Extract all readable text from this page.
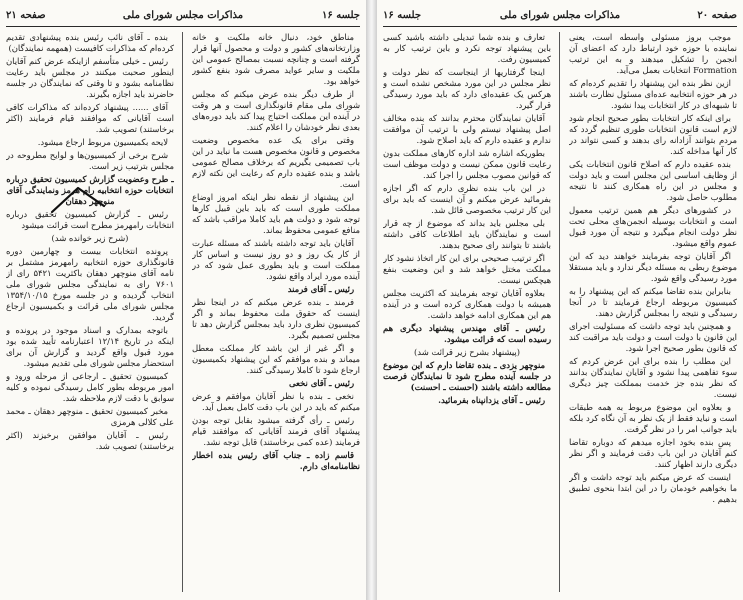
جلسه ۱۶
مذاکرات مجلس شورای ملی
صفحه ۲۱

مناطق خود، دنبال خانه ملکیت و خانه وزارتخانه‌های کشور و دولت و محصول آنها قرار گرفته است و چنانچه نسبت بمصالح عمومی این ملکیت و سایر عواید مصرف شود بنفع کشور خواهد بود.

از طرف دیگر بنده عرض میکنم که مجلس شورای ملی مقام قانونگذاری است و هر وقت در آینده این مملکت احتیاج پیدا کند باید دوره‌های بعدی نظر خودشان را اعلام کنند.

وقتی برای یک عده مخصوص وضعیت مخصوص و قانون مخصوص هست ما نباید در این باب تصمیمی بگیریم که برخلاف مصالح عمومی باشد و بنده عقیده دارم که رعایت این نکته لازم است.

این پیشنهاد از نقطه نظر اینکه امروز اوضاع مملکت طوری است که باید باین قبیل کارها توجه شود و دولت هم باید کاملا مراقب باشد که منافع عمومی محفوظ بماند.

آقایان باید توجه داشته باشند که مسئله عبارت از کار یک روز و دو روز نیست و اساس کار مملکت است و باید بطوری عمل شود که در آینده مورد ایراد واقع نشود.

رئیس ـ آقای فرمند

فرمند ـ بنده عرض میکنم که در اینجا نظر اینست که حقوق ملت محفوظ بماند و اگر کمیسیون نظری دارد باید بمجلس گزارش دهد تا مجلس تصمیم بگیرد.

و اگر غیر از این باشد کار مملکت معطل میماند و بنده موافقم که این پیشنهاد بکمیسیون ارجاع شود تا کاملا رسیدگی کنند.

رئیس ـ آقای نخعی

نخعی ـ بنده با نظر آقایان موافقم و عرض میکنم که باید در این باب دقت کامل بعمل آید.

رئیس ـ رأی گرفته میشود بقابل توجه بودن پیشنهاد آقای فرمند آقایانی که موافقند قیام فرمایند (عده کمی برخاستند) قابل توجه نشد.

قاسم زاده ـ جناب آقای رئیس بنده اخطار نظامنامه‌ای دارم.

بنده ـ آقای نائب رئیس بنده پیشنهادی تقدیم کرده‌ام که مذاکرات کافیست (همهمه نمایندگان)

رئیس ـ خیلی متأسفم ازاینکه عرض کنم آقایان اینطور صحبت میکنند در مجلس باید رعایت نظامنامه بشود و تا وقتی که نمایندگان در جلسه حاضرند باید اجازه بگیرند.

آقای ...... پیشنهاد کرده‌اند که مذاکرات کافی است آقایانی که موافقند قیام فرمایند (اکثر برخاستند) تصویب شد.

لایحه بکمیسیون مربوط ارجاع میشود.

شرح برخی از کمیسیون‌ها و لوایح مطروحه در مجلس بترتیب زیر است.

ـ طرح وعضویت گزارش کمیسیون تحقیق درباره انتخابات حوزه انتخابیه رام هرمز ونمایندگی آقای منوچهر دهقان

رئیس ـ گزارش کمیسیون تحقیق درباره انتخابات رامهرمز مطرح است قرائت میشود

(شرح زیر خوانده شد)

پرونده انتخابات بیست و چهارمین دوره قانونگذاری حوزه انتخابیه رامهرمز مشتمل بر نامه آقای منوچهر دهقان باکثریت ۵۴۲۱ رای از ۷۶۰۱ رای به نمایندگی مجلس شورای ملی انتخاب گردیده و در جلسه مورخ ۱۳۵۴/۱۰/۱۵ مجلس شورای ملی قرائت و بکمیسیون ارجاع گردید.

باتوجه بمدارک و اسناد موجود در پرونده و اینکه در تاریخ ۱۲/۱۴ اعتبارنامه تأیید شده بود مورد قبول واقع گردید و گزارش آن برای استحضار مجلس شورای ملی تقدیم میشود.

کمیسیون تحقیق ـ ارجاعی از مرحله ورود و امور مربوطه بطور کامل رسیدگی نموده و کلیه سوابق با دقت لازم ملاحظه شد.

مخبر کمیسیون تحقیق ـ منوچهر دهقان ـ محمد علی کلالی هرمزی

رئیس ـ آقایان موافقین برخیزند (اکثر برخاستند) تصویب شد.

صفحه ۲۰
مذاکرات مجلس شورای ملی
جلسه ۱۶

موجب بروز مسئولی واسطه است، یعنی نماینده با حوزه خود ارتباط دارد که اعضای آن انجمن را تشکیل میدهند و به این ترتیب Formation انتخابات بعمل می‌آید.

ازین نظر بنده این پیشنهاد را تقدیم کرده‌ام که در هر حوزه انتخابیه عده‌ای مسئول نظارت باشند تا شبهه‌ای در کار انتخابات پیدا نشود.

برای اینکه کار انتخابات بطور صحیح انجام شود لازم است قانون انتخابات طوری تنظیم گردد که مردم بتوانند آزادانه رای بدهند و کسی نتواند در کار آنها مداخله کند.

بنده عقیده دارم که اصلاح قانون انتخابات یکی از وظایف اساسی این مجلس است و باید دولت و مجلس در این راه همکاری کنند تا نتیجه مطلوب حاصل شود.

در کشورهای دیگر هم همین ترتیب معمول است و انتخابات بوسیله انجمن‌های محلی تحت نظر دولت انجام میگیرد و نتیجه آن مورد قبول عموم واقع میشود.

اگر آقایان توجه بفرمایند خواهند دید که این موضوع ربطی به مسئله دیگر ندارد و باید مستقلا مورد رسیدگی واقع شود.

بنابراین بنده تقاضا میکنم که این پیشنهاد را به کمیسیون مربوطه ارجاع فرمایند تا در آنجا رسیدگی و نتیجه را بمجلس گزارش دهند.

و همچنین باید توجه داشت که مسئولیت اجرای این قانون با دولت است و دولت باید مراقبت کند که قانون بطور صحیح اجرا شود.

این مطلب را بنده برای این عرض کردم که سوء تفاهمی پیدا نشود و آقایان نمایندگان بدانند که نظر بنده جز خدمت بمملکت چیز دیگری نیست.

و بعلاوه این موضوع مربوط به همه طبقات است و نباید فقط از یک نظر به آن نگاه کرد بلکه باید جوانب امر را در نظر گرفت.

پس بنده بخود اجازه میدهم که دوباره تقاضا کنم آقایان در این باب دقت فرمایند و اگر نظر دیگری دارند اظهار کنند.

اینست که عرض میکنم باید توجه داشت و اگر ما بخواهیم خودمان را در این ابتدا بنحوی تطبیق بدهیم .

تعارف و بنده شما تبدیلی داشته باشید کسی باین پیشنهاد توجه نکرد و باین ترتیب کار به کمیسیون رفت.

اینجا گرفتاریها از اینجاست که نظر دولت و نظر مجلس در این مورد مشخص نشده است و هرکس یک عقیده‌ای دارد که باید مورد رسیدگی قرار گیرد.

آقایان نمایندگان محترم بدانند که بنده مخالف اصل پیشنهاد نیستم ولی با ترتیب آن موافقت ندارم و عقیده دارم که باید اصلاح شود.

بطوریکه اشاره شد اداره کارهای مملکت بدون رعایت قانون ممکن نیست و دولت موظف است که قوانین مصوب مجلس را اجرا کند.

در این باب بنده نظری دارم که اگر اجازه بفرمائید عرض میکنم و آن اینست که باید برای این کار ترتیب مخصوصی قائل شد.

بلی مجلس باید بداند که موضوع از چه قرار است و نمایندگان باید اطلاعات کافی داشته باشند تا بتوانند رای صحیح بدهند.

اگر ترتیب صحیحی برای این کار اتخاذ نشود کار مملکت مختل خواهد شد و این وضعیت بنفع هیچکس نیست.

بعلاوه آقایان توجه بفرمایند که اکثریت مجلس همیشه با دولت همکاری کرده است و در آینده هم این همکاری ادامه خواهد داشت.

رئیس ـ آقای مهندس پیشنهاد دیگری هم رسیده است که قرائت میشود.

(پیشنهاد بشرح زیر قرائت شد)

منوچهر یزدی ـ بنده تقاضا دارم که این موضوع در جلسه آینده مطرح شود تا نمایندگان فرصت مطالعه داشته باشند (احسنت ـ احسنت)

رئیس ـ آقای یزدانپناه بفرمائید.
